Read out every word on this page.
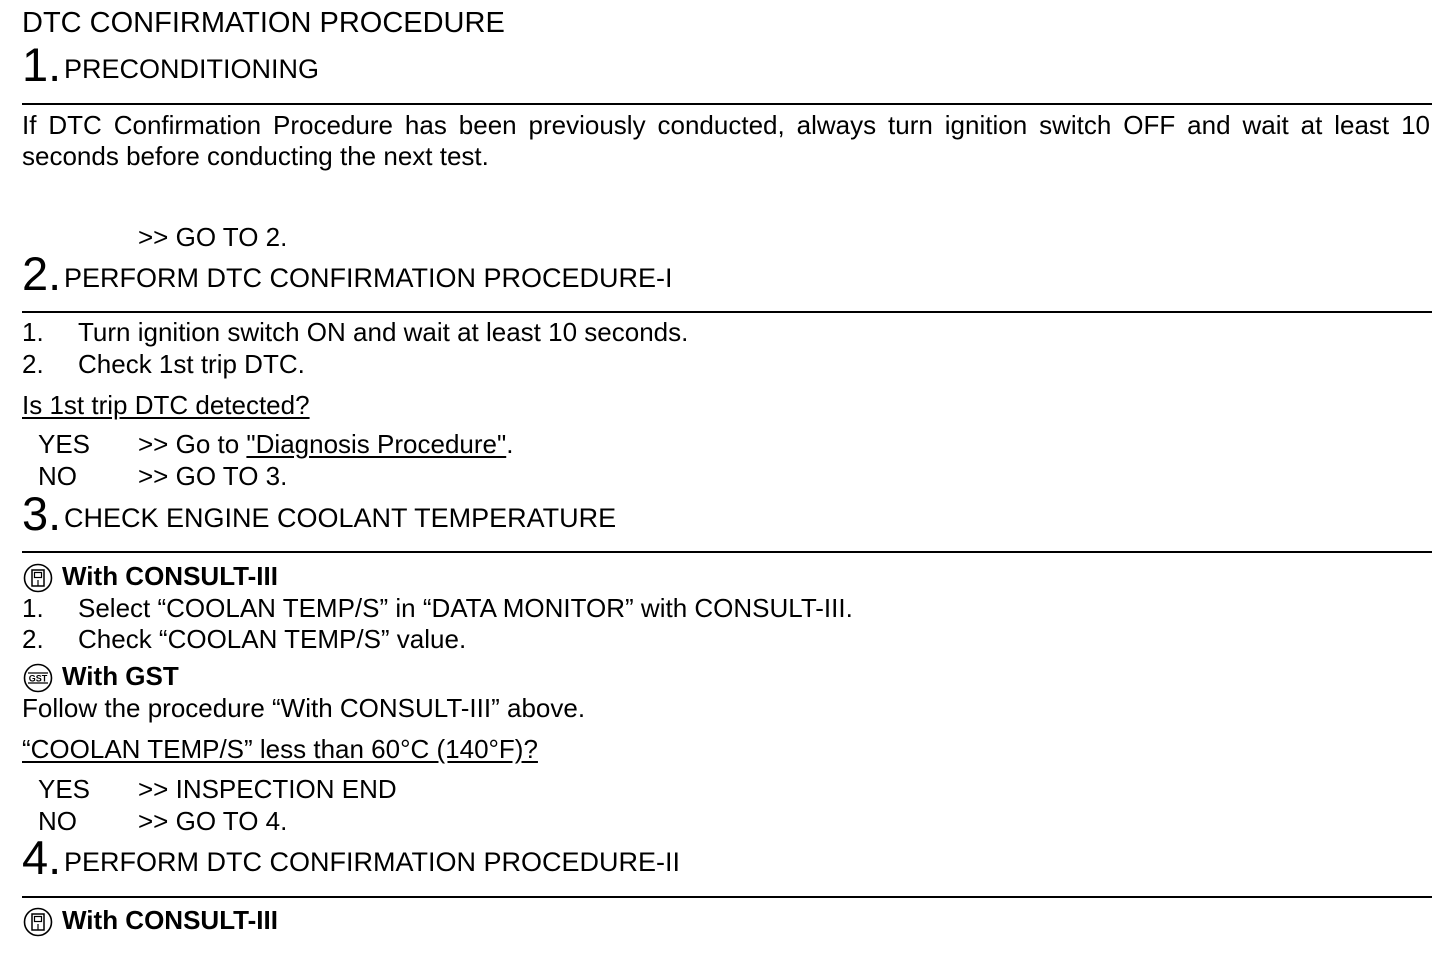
DTC CONFIRMATION PROCEDURE
1. PRECONDITIONING
If DTC Confirmation Procedure has been previously conducted, always turn ignition switch OFF and wait at least 10 seconds before conducting the next test.
>> GO TO 2.
2. PERFORM DTC CONFIRMATION PROCEDURE-I
1. Turn ignition switch ON and wait at least 10 seconds.
2. Check 1st trip DTC.
Is 1st trip DTC detected?
YES >> Go to "Diagnosis Procedure".
NO >> GO TO 3.
3. CHECK ENGINE COOLANT TEMPERATURE
With CONSULT-III
1. Select “COOLAN TEMP/S” in “DATA MONITOR” with CONSULT-III.
2. Check “COOLAN TEMP/S” value.
GST With GST
Follow the procedure “With CONSULT-III” above.
“COOLAN TEMP/S” less than 60°C (140°F)?
YES >> INSPECTION END
NO >> GO TO 4.
4. PERFORM DTC CONFIRMATION PROCEDURE-II
With CONSULT-III
